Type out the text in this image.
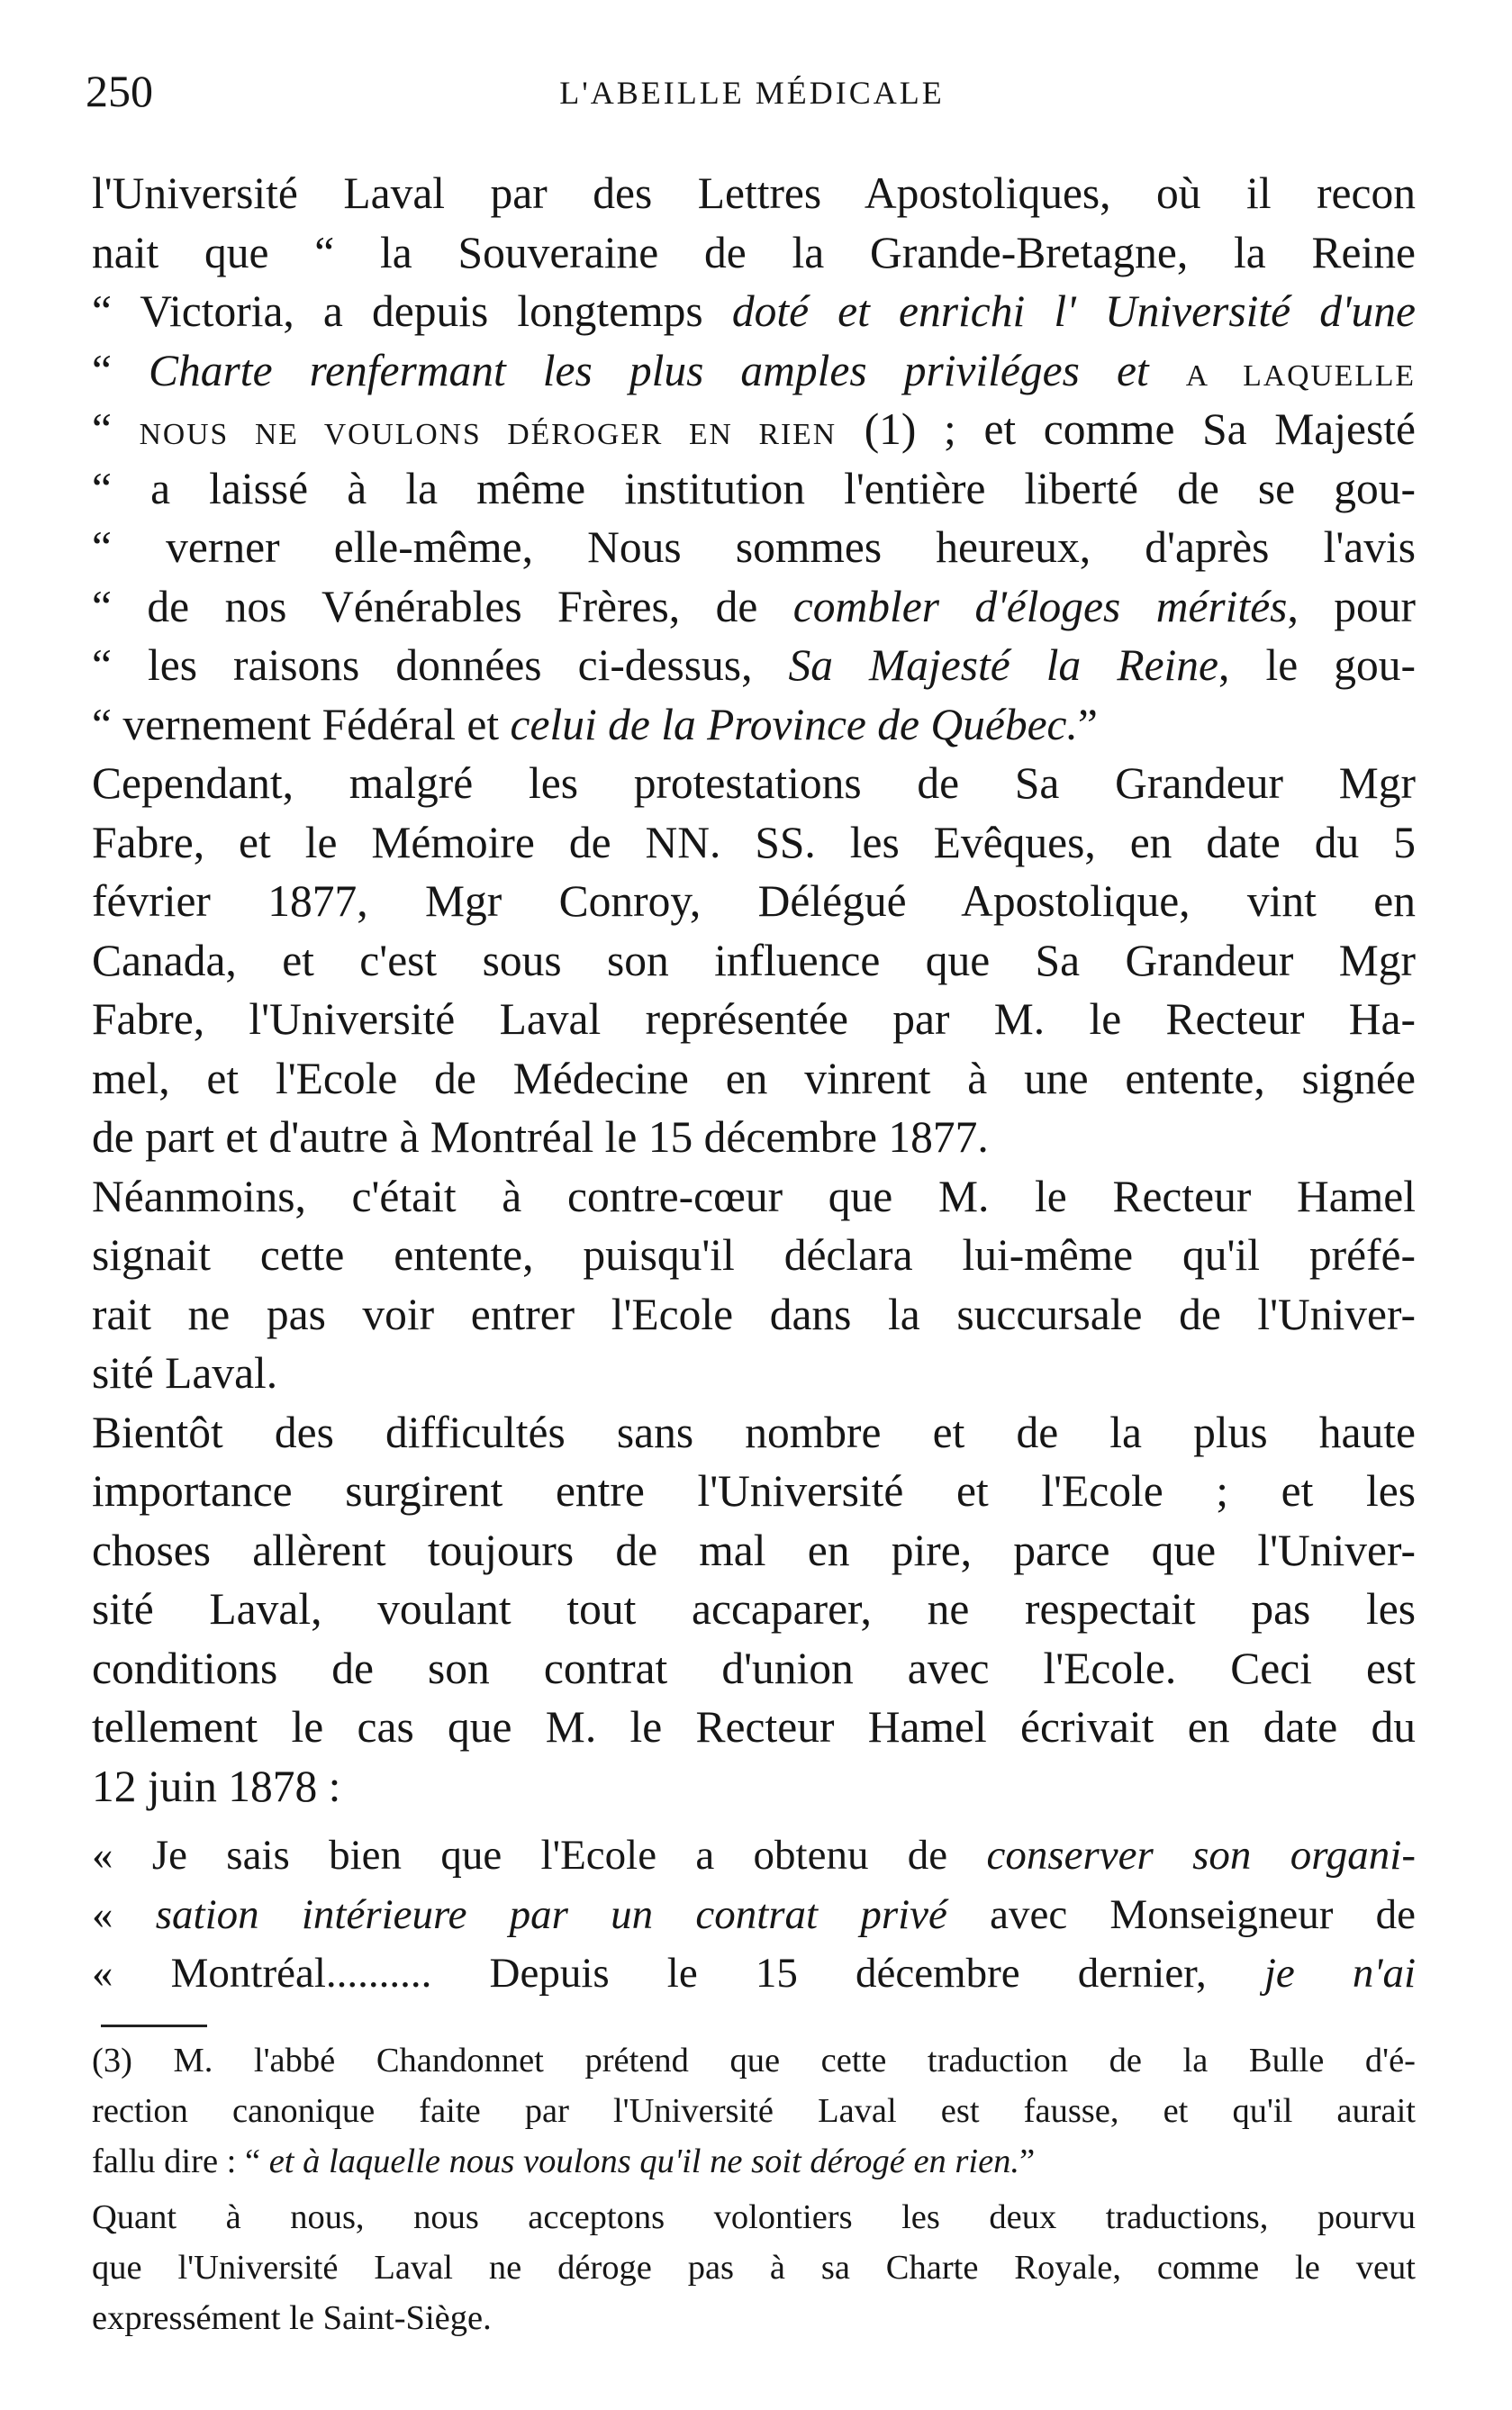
250	L'ABEILLE MÉDICALE
l'Université Laval par des Lettres Apostoliques, où il recon
nait que “ la Souveraine de la Grande-Bretagne, la Reine
“ Victoria, a depuis longtemps doté et enrichi l' Université d'une
“ Charte renfermant les plus amples priviléges et A LAQUELLE
“ NOUS NE VOULONS DÉROGER EN RIEN (1) ; et comme Sa Majesté
“ a laissé à la même institution l'entière liberté de se gou-
“ verner elle-même, Nous sommes heureux, d'après l'avis
“ de nos Vénérables Frères, de combler d'éloges mérités, pour
“ les raisons données ci-dessus, Sa Majesté la Reine, le gou-
“ vernement Fédéral et celui de la Province de Québec.”
Cependant, malgré les protestations de Sa Grandeur Mgr
Fabre, et le Mémoire de NN. SS. les Evêques, en date du 5
février 1877, Mgr Conroy, Délégué Apostolique, vint en
Canada, et c'est sous son influence que Sa Grandeur Mgr
Fabre, l'Université Laval représentée par M. le Recteur Ha-
mel, et l'Ecole de Médecine en vinrent à une entente, signée
de part et d'autre à Montréal le 15 décembre 1877.
Néanmoins, c'était à contre-cœur que M. le Recteur Hamel
signait cette entente, puisqu'il déclara lui-même qu'il préfé-
rait ne pas voir entrer l'Ecole dans la succursale de l'Univer-
sité Laval.
Bientôt des difficultés sans nombre et de la plus haute
importance surgirent entre l'Université et l'Ecole ; et les
choses allèrent toujours de mal en pire, parce que l'Univer-
sité Laval, voulant tout accaparer, ne respectait pas les
conditions de son contrat d'union avec l'Ecole. Ceci est
tellement le cas que M. le Recteur Hamel écrivait en date du
12 juin 1878 :
« Je sais bien que l'Ecole a obtenu de conserver son organi-
« sation intérieure par un contrat privé avec Monseigneur de
« Montréal.......... Depuis le 15 décembre dernier, je n'ai
(3) M. l'abbé Chandonnet prétend que cette traduction de la Bulle d'é-
rection canonique faite par l'Université Laval est fausse, et qu'il aurait
fallu dire : “ et à laquelle nous voulons qu'il ne soit dérogé en rien.”
Quant à nous, nous acceptons volontiers les deux traductions, pourvu
que l'Université Laval ne déroge pas à sa Charte Royale, comme le veut
expressément le Saint-Siège.
